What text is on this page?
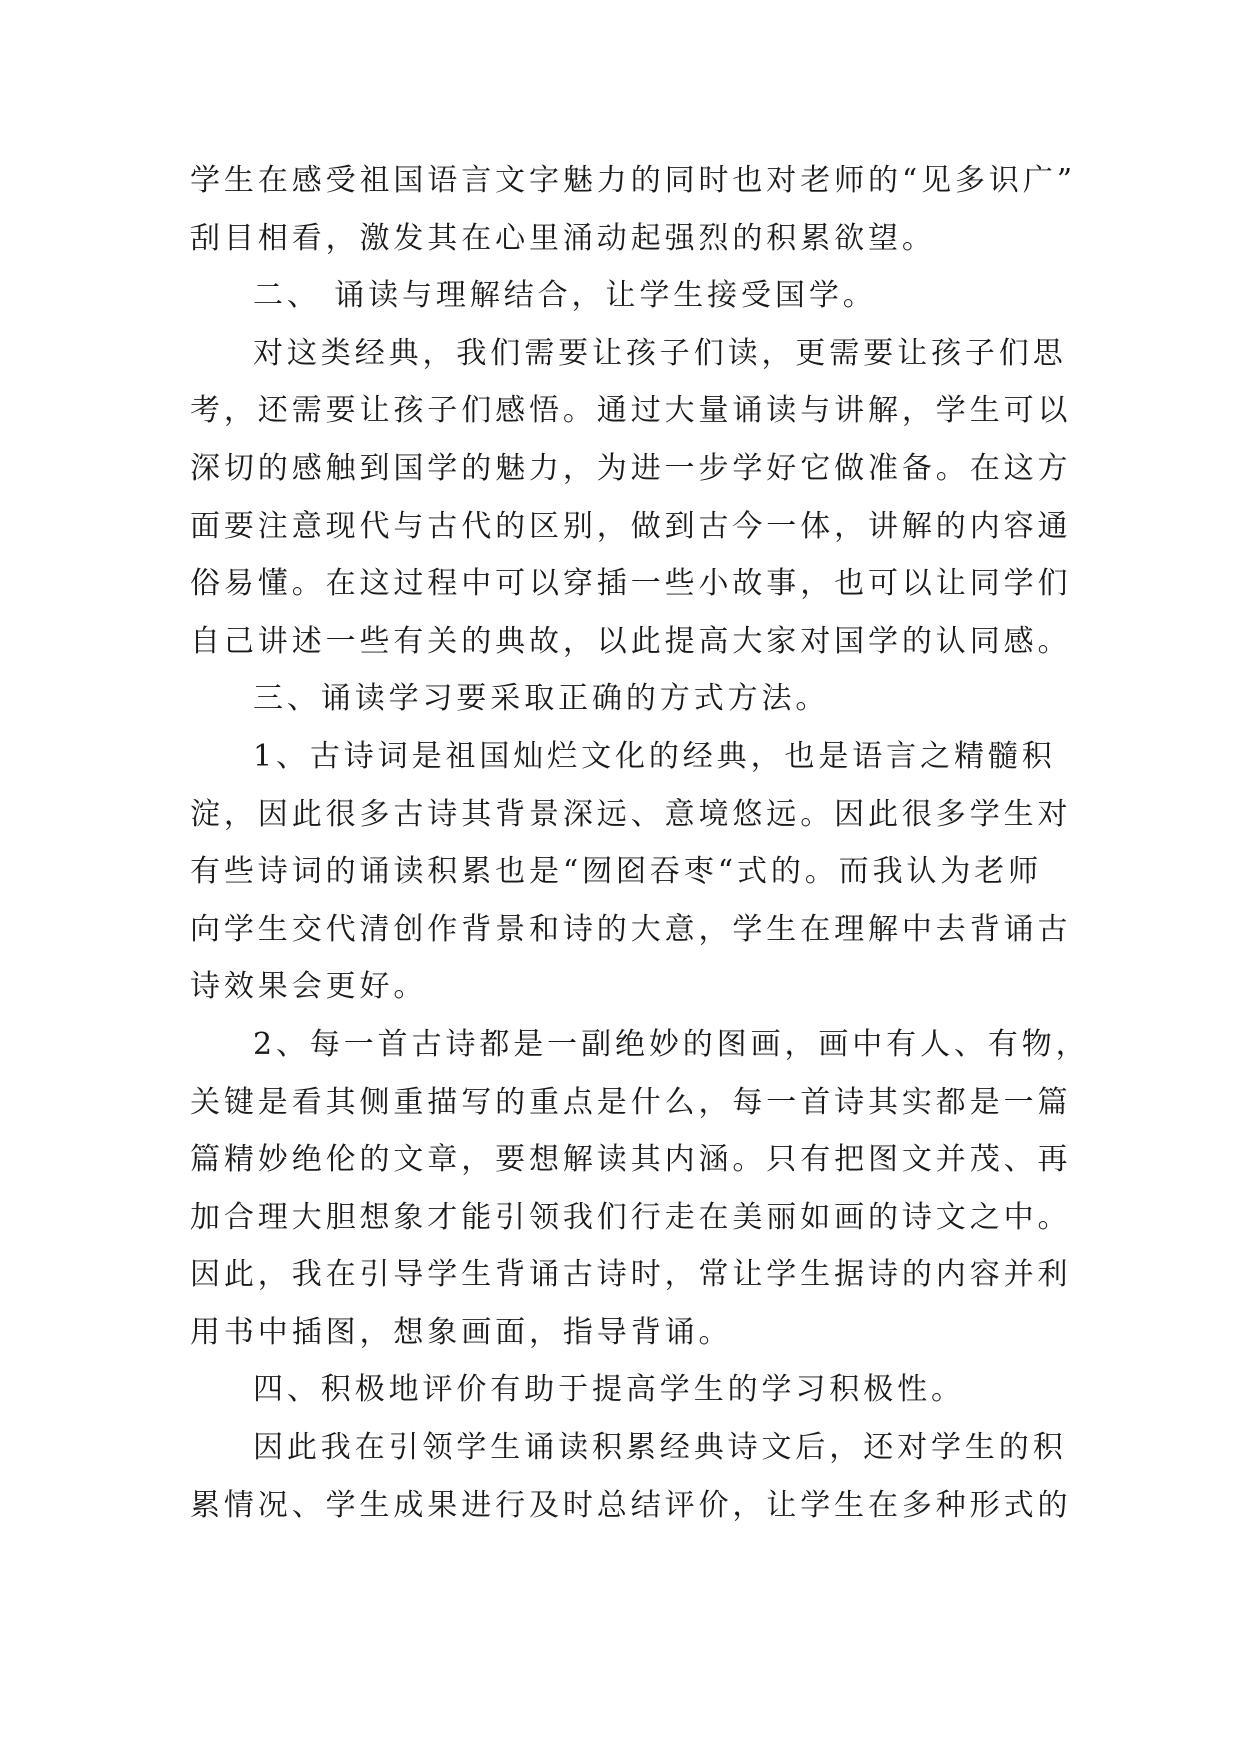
学生在感受祖国语言文字魅力的同时也对老师的“见多识广”
刮目相看，激发其在心里涌动起强烈的积累欲望。
二、 诵读与理解结合，让学生接受国学。
对这类经典，我们需要让孩子们读，更需要让孩子们思
考，还需要让孩子们感悟。通过大量诵读与讲解，学生可以
深切的感触到国学的魅力，为进一步学好它做准备。在这方
面要注意现代与古代的区别，做到古今一体，讲解的内容通
俗易懂。在这过程中可以穿插一些小故事，也可以让同学们
自己讲述一些有关的典故，以此提高大家对国学的认同感。
三、诵读学习要采取正确的方式方法。
1、古诗词是祖国灿烂文化的经典，也是语言之精髓积
淀，因此很多古诗其背景深远、意境悠远。因此很多学生对
有些诗词的诵读积累也是“囫囵吞枣“式的。而我认为老师
向学生交代清创作背景和诗的大意，学生在理解中去背诵古
诗效果会更好。
2、每一首古诗都是一副绝妙的图画，画中有人、有物，
关键是看其侧重描写的重点是什么，每一首诗其实都是一篇
篇精妙绝伦的文章，要想解读其内涵。只有把图文并茂、再
加合理大胆想象才能引领我们行走在美丽如画的诗文之中。
因此，我在引导学生背诵古诗时，常让学生据诗的内容并利
用书中插图，想象画面，指导背诵。
四、积极地评价有助于提高学生的学习积极性。
因此我在引领学生诵读积累经典诗文后，还对学生的积
累情况、学生成果进行及时总结评价，让学生在多种形式的
